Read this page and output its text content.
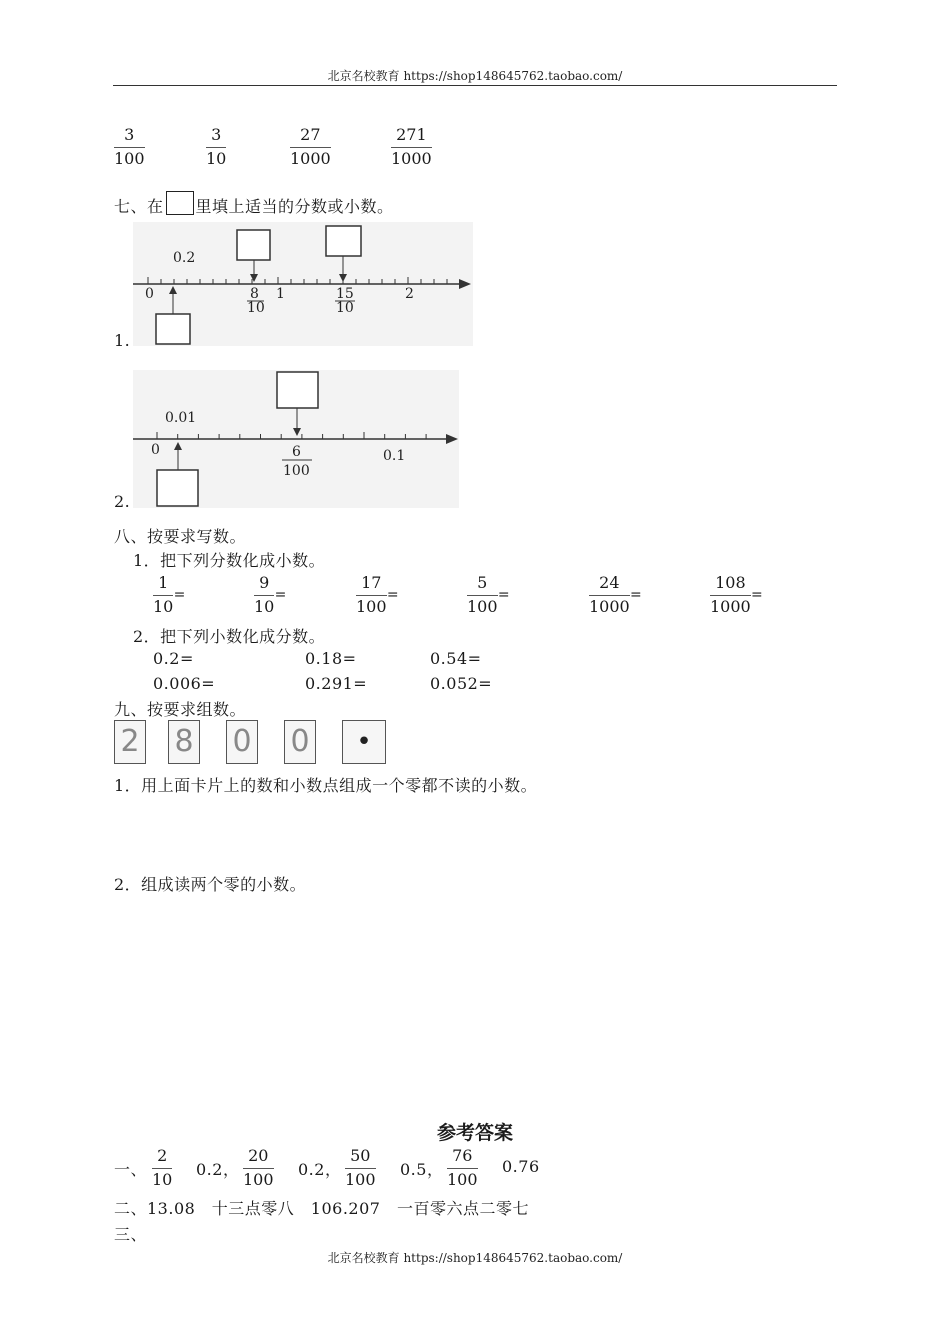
北京名校教育 https://shop148645762.taobao.com/
3
100
3
10
27
1000
271
1000
七、在 里填上适当的分数或小数。
0.2
0	1	2
8
10
15
10
1.
0.01
0	0.1
6
100
2.
八、按要求写数。
1．把下列分数化成小数。
1
10
=
9
10
=
17
100
=
5
100
=
24
1000
=
108
1000
=
2．把下列小数化成分数。
0.2=	0.18=	0.54=
0.006=	0.291=	0.052=
九、按要求组数。
2 8 0 0	•
1．用上面卡片上的数和小数点组成一个零都不读的小数。
2．组成读两个零的小数。
参考答案
一、
2
10
0.2，
20
100
0.2，
50
100
0.5，
76
100
0.76
二、13.08　十三点零八　106.207　一百零六点二零七
三、
北京名校教育 https://shop148645762.taobao.com/
